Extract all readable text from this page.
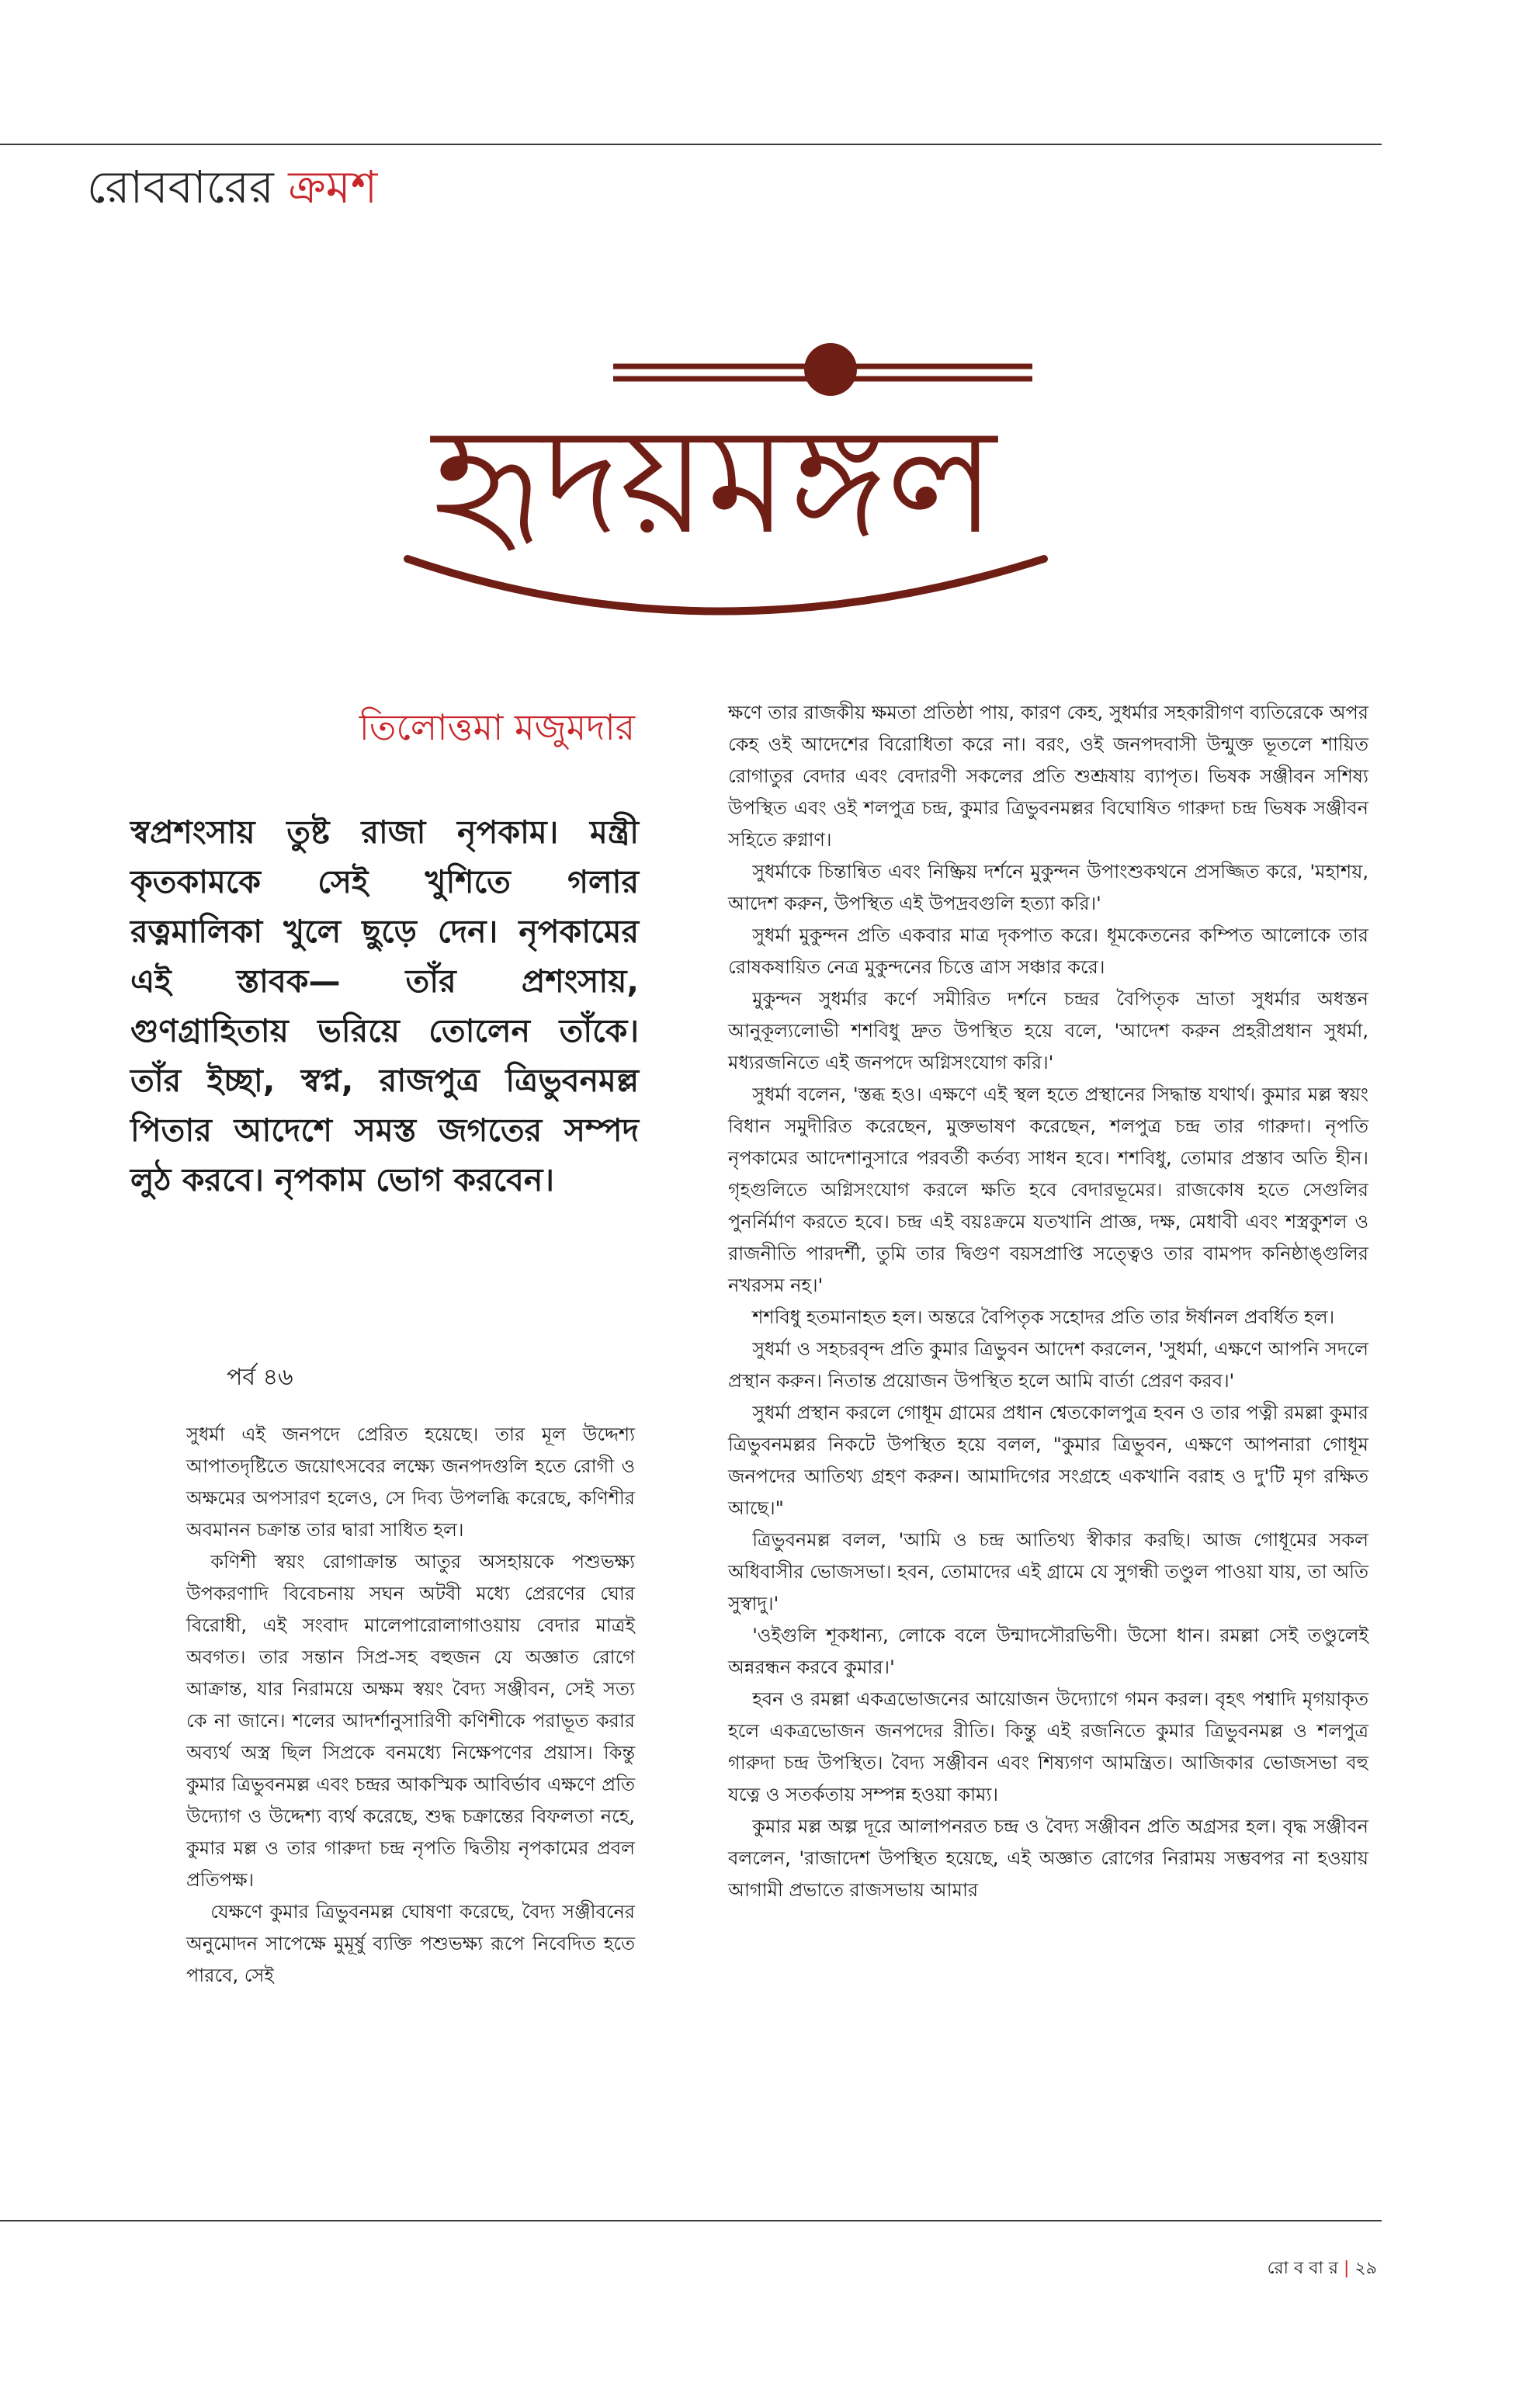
রোববারের ক্রমশ
হৃদয়মঙ্গল
তিলোত্তমা মজুমদার

স্বপ্রশংসায় তুষ্ট রাজা নৃপকাম। মন্ত্রী কৃতকামকে সেই খুশিতে গলার রত্নমালিকা খুলে ছুড়ে দেন। নৃপকামের এই স্তাবক— তাঁর প্রশংসায়, গুণগ্রাহিতায় ভরিয়ে তোলেন তাঁকে। তাঁর ইচ্ছা, স্বপ্ন, রাজপুত্র ত্রিভুবনমল্ল পিতার আদেশে সমস্ত জগতের সম্পদ লুঠ করবে। নৃপকাম ভোগ করবেন।

পর্ব ৪৬

সুধর্মা এই জনপদে প্রেরিত হয়েছে। তার মূল উদ্দেশ্য আপাতদৃষ্টিতে জয়োৎসবের লক্ষ্যে জনপদগুলি হতে রোগী ও অক্ষমের অপসারণ হলেও, সে দিব্য উপলব্ধি করেছে, কণিশীর অবমানন চক্রান্ত তার দ্বারা সাধিত হল।

কণিশী স্বয়ং রোগাক্রান্ত আতুর অসহায়কে পশুভক্ষ্য উপকরণাদি বিবেচনায় সঘন অটবী মধ্যে প্রেরণের ঘোর বিরোধী, এই সংবাদ মালেপারোলাগাওয়ায় বেদার মাত্রই অবগত। তার সন্তান সিপ্র-সহ বহুজন যে অজ্ঞাত রোগে আক্রান্ত, যার নিরাময়ে অক্ষম স্বয়ং বৈদ্য সঞ্জীবন, সেই সত্য কে না জানে। শলের আদর্শানুসারিণী কণিশীকে পরাভূত করার অব্যর্থ অস্ত্র ছিল সিপ্রকে বনমধ্যে নিক্ষেপণের প্রয়াস। কিন্তু কুমার ত্রিভুবনমল্ল এবং চন্দ্রর আকস্মিক আবির্ভাব এক্ষণে প্রতি উদ্যোগ ও উদ্দেশ্য ব্যর্থ করেছে, শুদ্ধ চক্রান্তের বিফলতা নহে, কুমার মল্ল ও তার গারুদা চন্দ্র নৃপতি দ্বিতীয় নৃপকামের প্রবল প্রতিপক্ষ।

যেক্ষণে কুমার ত্রিভুবনমল্ল ঘোষণা করেছে, বৈদ্য সঞ্জীবনের অনুমোদন সাপেক্ষে মুমূর্ষু ব্যক্তি পশুভক্ষ্য রূপে নিবেদিত হতে পারবে, সেই

ক্ষণে তার রাজকীয় ক্ষমতা প্রতিষ্ঠা পায়, কারণ কেহ, সুধর্মার সহকারীগণ ব্যতিরেকে অপর কেহ ওই আদেশের বিরোধিতা করে না। বরং, ওই জনপদবাসী উন্মুক্ত ভূতলে শায়িত রোগাতুর বেদার এবং বেদারণী সকলের প্রতি শুশ্রূষায় ব্যাপৃত। ভিষক সঞ্জীবন সশিষ্য উপস্থিত এবং ওই শলপুত্র চন্দ্র, কুমার ত্রিভুবনমল্লর বিঘোষিত গারুদা চন্দ্র ভিষক সঞ্জীবন সহিতে রুগ্নাণ।

সুধর্মাকে চিন্তান্বিত এবং নিষ্ক্রিয় দর্শনে মুকুন্দন উপাংশুকথনে প্রসজ্জিত করে, 'মহাশয়, আদেশ করুন, উপস্থিত এই উপদ্রবগুলি হত্যা করি।'

সুধর্মা মুকুন্দন প্রতি একবার মাত্র দৃকপাত করে। ধূমকেতনের কম্পিত আলোকে তার রোষকষায়িত নেত্র মুকুন্দনের চিত্তে ত্রাস সঞ্চার করে।

মুকুন্দন সুধর্মার কর্ণে সমীরিত দর্শনে চন্দ্রর বৈপিতৃক ভ্রাতা সুধর্মার অধস্তন আনুকূল্যলোভী শশবিধু দ্রুত উপস্থিত হয়ে বলে, 'আদেশ করুন প্রহরীপ্রধান সুধর্মা, মধ্যরজনিতে এই জনপদে অগ্নিসংযোগ করি।'

সুধর্মা বলেন, 'স্তব্ধ হও। এক্ষণে এই স্থল হতে প্রস্থানের সিদ্ধান্ত যথার্থ। কুমার মল্ল স্বয়ং বিধান সমুদীরিত করেছেন, মুক্তভাষণ করেছেন, শলপুত্র চন্দ্র তার গারুদা। নৃপতি নৃপকামের আদেশানুসারে পরবর্তী কর্তব্য সাধন হবে। শশবিধু, তোমার প্রস্তাব অতি হীন। গৃহগুলিতে অগ্নিসংযোগ করলে ক্ষতি হবে বেদারভূমের। রাজকোষ হতে সেগুলির পুনর্নির্মাণ করতে হবে। চন্দ্র এই বয়ঃক্রমে যতখানি প্রাজ্ঞ, দক্ষ, মেধাবী এবং শস্ত্রকুশল ও রাজনীতি পারদর্শী, তুমি তার দ্বিগুণ বয়সপ্রাপ্তি সত্ত্বেও তার বামপদ কনিষ্ঠাঙ্গুলির নখরসম নহ।'

শশবিধু হতমানাহত হল। অন্তরে বৈপিতৃক সহোদর প্রতি তার ঈর্ষানল প্রবর্ধিত হল।

সুধর্মা ও সহচরবৃন্দ প্রতি কুমার ত্রিভুবন আদেশ করলেন, 'সুধর্মা, এক্ষণে আপনি সদলে প্রস্থান করুন। নিতান্ত প্রয়োজন উপস্থিত হলে আমি বার্তা প্রেরণ করব।'

সুধর্মা প্রস্থান করলে গোধূম গ্রামের প্রধান শ্বেতকোলপুত্র হবন ও তার পত্নী রমল্লা কুমার ত্রিভুবনমল্লর নিকটে উপস্থিত হয়ে বলল, "কুমার ত্রিভুবন, এক্ষণে আপনারা গোধূম জনপদের আতিথ্য গ্রহণ করুন। আমাদিগের সংগ্রহে একখানি বরাহ ও দু'টি মৃগ রক্ষিত আছে।"

ত্রিভুবনমল্ল বলল, 'আমি ও চন্দ্র আতিথ্য স্বীকার করছি। আজ গোধূমের সকল অধিবাসীর ভোজসভা। হবন, তোমাদের এই গ্রামে যে সুগন্ধী তণ্ডুল পাওয়া যায়, তা অতি সুস্বাদু।'

'ওইগুলি শূকধান্য, লোকে বলে উন্মাদসৌরভিণী। উসো ধান। রমল্লা সেই তণ্ডুলেই অন্নরন্ধন করবে কুমার।'

হবন ও রমল্লা একত্রভোজনের আয়োজন উদ্যোগে গমন করল। বৃহৎ পশ্বাদি মৃগয়াকৃত হলে একত্রভোজন জনপদের রীতি। কিন্তু এই রজনিতে কুমার ত্রিভুবনমল্ল ও শলপুত্র গারুদা চন্দ্র উপস্থিত। বৈদ্য সঞ্জীবন এবং শিষ্যগণ আমন্ত্রিত। আজিকার ভোজসভা বহু যত্নে ও সতর্কতায় সম্পন্ন হওয়া কাম্য।

কুমার মল্ল অল্প দূরে আলাপনরত চন্দ্র ও বৈদ্য সঞ্জীবন প্রতি অগ্রসর হল। বৃদ্ধ সঞ্জীবন বললেন, 'রাজাদেশ উপস্থিত হয়েছে, এই অজ্ঞাত রোগের নিরাময় সম্ভবপর না হওয়ায় আগামী প্রভাতে রাজসভায় আমার

রো ব বা র | ২৯
